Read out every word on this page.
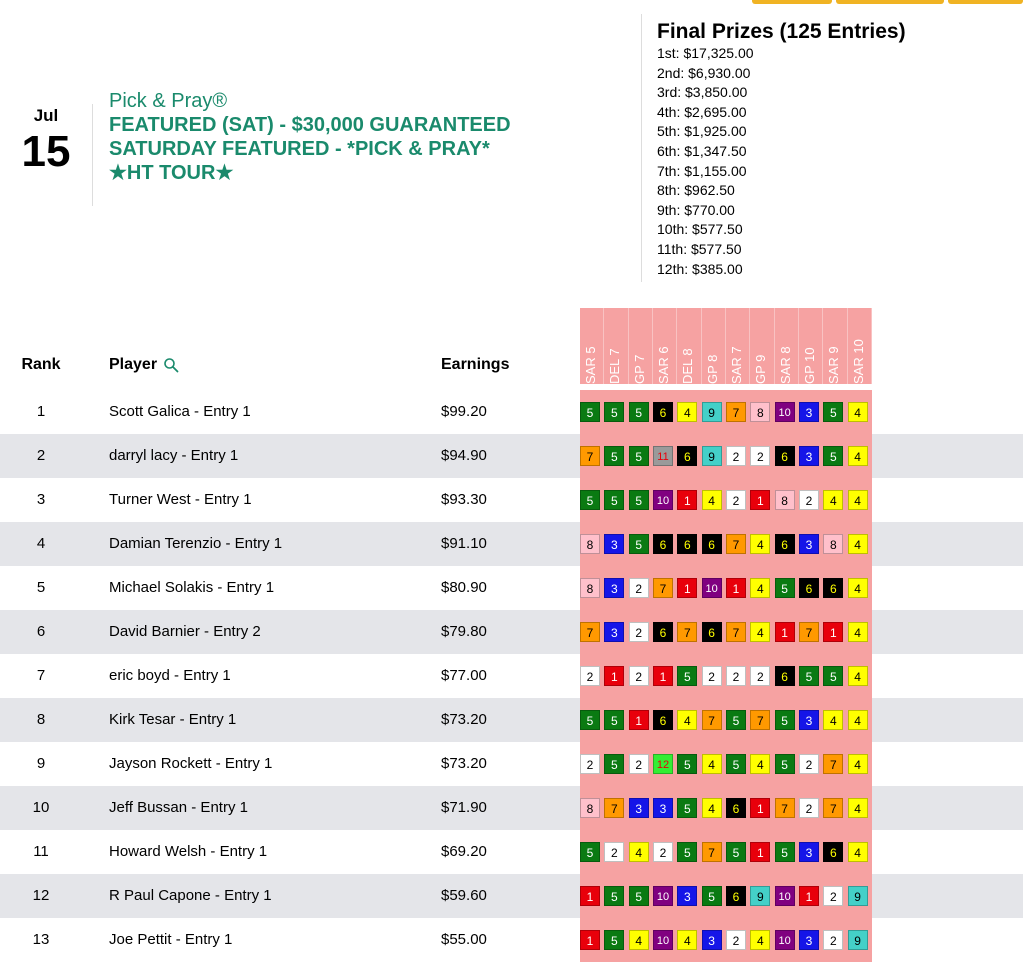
Jul
15
Pick & Pray®
FEATURED (SAT) - $30,000 GUARANTEED
SATURDAY FEATURED - *PICK & PRAY*
★HT TOUR★
Final Prizes (125 Entries)
1st: $17,325.00
2nd: $6,930.00
3rd: $3,850.00
4th: $2,695.00
5th: $1,925.00
6th: $1,347.50
7th: $1,155.00
8th: $962.50
9th: $770.00
10th: $577.50
11th: $577.50
12th: $385.00
Rank	Player	Earnings	SAR 5 DEL 7 GP 7 SAR 6 DEL 8 GP 8 SAR 7 GP 9 SAR 8 GP 10 SAR 9 SAR 10
1	Scott Galica - Entry 1	$99.20	5	5	5	6	4	9	7	8	10	3	5	4
2	darryl lacy - Entry 1	$94.90	7	5	5	11	6	9	2	2	6	3	5	4
3	Turner West - Entry 1	$93.30	5	5	5	10	1	4	2	1	8	2	4	4
4	Damian Terenzio - Entry 1	$91.10	8	3	5	6	6	6	7	4	6	3	8	4
5	Michael Solakis - Entry 1	$80.90	8	3	2	7	1	10	1	4	5	6	6	4
6	David Barnier - Entry 2	$79.80	7	3	2	6	7	6	7	4	1	7	1	4
7	eric boyd - Entry 1	$77.00	2	1	2	1	5	2	2	2	6	5	5	4
8	Kirk Tesar - Entry 1	$73.20	5	5	1	6	4	7	5	7	5	3	4	4
9	Jayson Rockett - Entry 1	$73.20	2	5	2	12	5	4	5	4	5	2	7	4
10	Jeff Bussan - Entry 1	$71.90	8	7	3	3	5	4	6	1	7	2	7	4
11	Howard Welsh - Entry 1	$69.20	5	2	4	2	5	7	5	1	5	3	6	4
12	R Paul Capone - Entry 1	$59.60	1	5	5	10	3	5	6	9	10	1	2	9
13	Joe Pettit - Entry 1	$55.00	1	5	4	10	4	3	2	4	10	3	2	9
